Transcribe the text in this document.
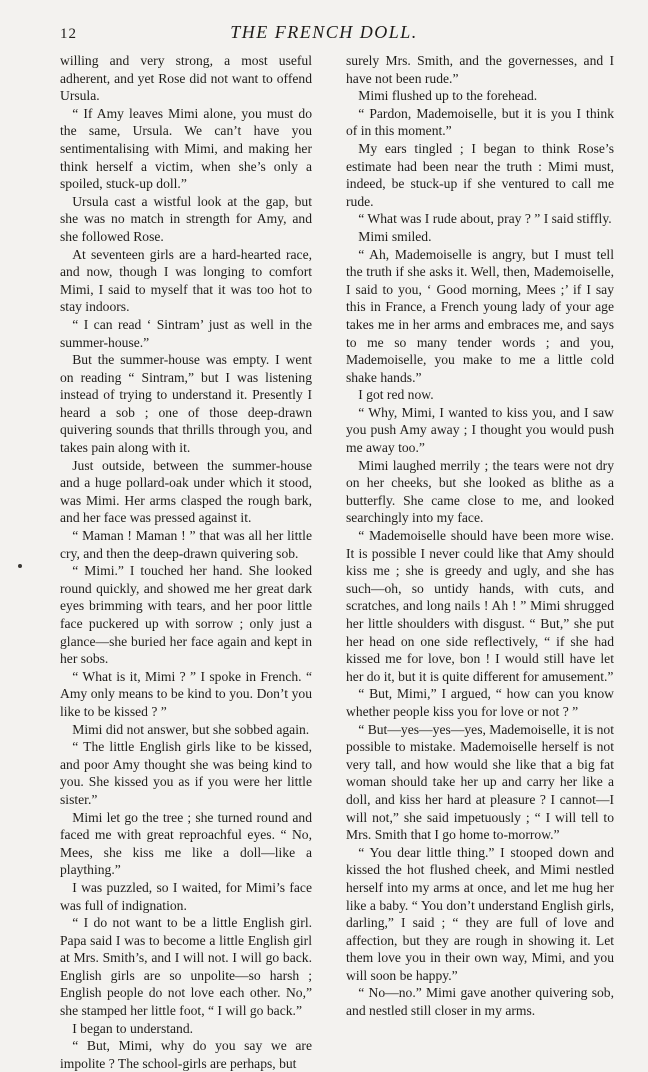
12	THE FRENCH DOLL.

willing and very strong, a most useful adherent, and yet Rose did not want to offend Ursula.

“ If Amy leaves Mimi alone, you must do the same, Ursula. We can’t have you sentimentalising with Mimi, and making her think herself a victim, when she’s only a spoiled, stuck-up doll.”

Ursula cast a wistful look at the gap, but she was no match in strength for Amy, and she followed Rose.

At seventeen girls are a hard-hearted race, and now, though I was longing to comfort Mimi, I said to myself that it was too hot to stay indoors.

“ I can read ‘ Sintram’ just as well in the summer-house.”

But the summer-house was empty. I went on reading “ Sintram,” but I was listening instead of trying to understand it. Presently I heard a sob ; one of those deep-drawn quivering sounds that thrills through you, and takes pain along with it.

Just outside, between the summer-house and a huge pollard-oak under which it stood, was Mimi. Her arms clasped the rough bark, and her face was pressed against it.

“ Maman ! Maman ! ” that was all her little cry, and then the deep-drawn quivering sob.

“ Mimi.” I touched her hand. She looked round quickly, and showed me her great dark eyes brimming with tears, and her poor little face puckered up with sorrow ; only just a glance—she buried her face again and kept in her sobs.

“ What is it, Mimi ? ” I spoke in French. “ Amy only means to be kind to you. Don’t you like to be kissed ? ”

Mimi did not answer, but she sobbed again.

“ The little English girls like to be kissed, and poor Amy thought she was being kind to you. She kissed you as if you were her little sister.”

Mimi let go the tree ; she turned round and faced me with great reproachful eyes. “ No, Mees, she kiss me like a doll—like a plaything.”

I was puzzled, so I waited, for Mimi’s face was full of indignation.

“ I do not want to be a little English girl. Papa said I was to become a little English girl at Mrs. Smith’s, and I will not. I will go back. English girls are so unpolite—so harsh ; English people do not love each other. No,” she stamped her little foot, “ I will go back.”

I began to understand.

“ But, Mimi, why do you say we are impolite ? The school-girls are perhaps, but

surely Mrs. Smith, and the governesses, and I have not been rude.”

Mimi flushed up to the forehead.

“ Pardon, Mademoiselle, but it is you I think of in this moment.”

My ears tingled ; I began to think Rose’s estimate had been near the truth : Mimi must, indeed, be stuck-up if she ventured to call me rude.

“ What was I rude about, pray ? ” I said stiffly.

Mimi smiled.

“ Ah, Mademoiselle is angry, but I must tell the truth if she asks it. Well, then, Mademoiselle, I said to you, ‘ Good morning, Mees ;’ if I say this in France, a French young lady of your age takes me in her arms and embraces me, and says to me so many tender words ; and you, Mademoiselle, you make to me a little cold shake hands.”

I got red now.

“ Why, Mimi, I wanted to kiss you, and I saw you push Amy away ; I thought you would push me away too.”

Mimi laughed merrily ; the tears were not dry on her cheeks, but she looked as blithe as a butterfly. She came close to me, and looked searchingly into my face.

“ Mademoiselle should have been more wise. It is possible I never could like that Amy should kiss me ; she is greedy and ugly, and she has such—oh, so untidy hands, with cuts, and scratches, and long nails ! Ah ! ” Mimi shrugged her little shoulders with disgust. “ But,” she put her head on one side reflectively, “ if she had kissed me for love, bon ! I would still have let her do it, but it is quite different for amusement.”

“ But, Mimi,” I argued, “ how can you know whether people kiss you for love or not ? ”

“ But—yes—yes—yes, Mademoiselle, it is not possible to mistake. Mademoiselle herself is not very tall, and how would she like that a big fat woman should take her up and carry her like a doll, and kiss her hard at pleasure ? I cannot—I will not,” she said impetuously ; “ I will tell to Mrs. Smith that I go home to-morrow.”

“ You dear little thing.” I stooped down and kissed the hot flushed cheek, and Mimi nestled herself into my arms at once, and let me hug her like a baby. “ You don’t understand English girls, darling,” I said ; “ they are full of love and affection, but they are rough in showing it. Let them love you in their own way, Mimi, and you will soon be happy.”

“ No—no.” Mimi gave another quivering sob, and nestled still closer in my arms.
